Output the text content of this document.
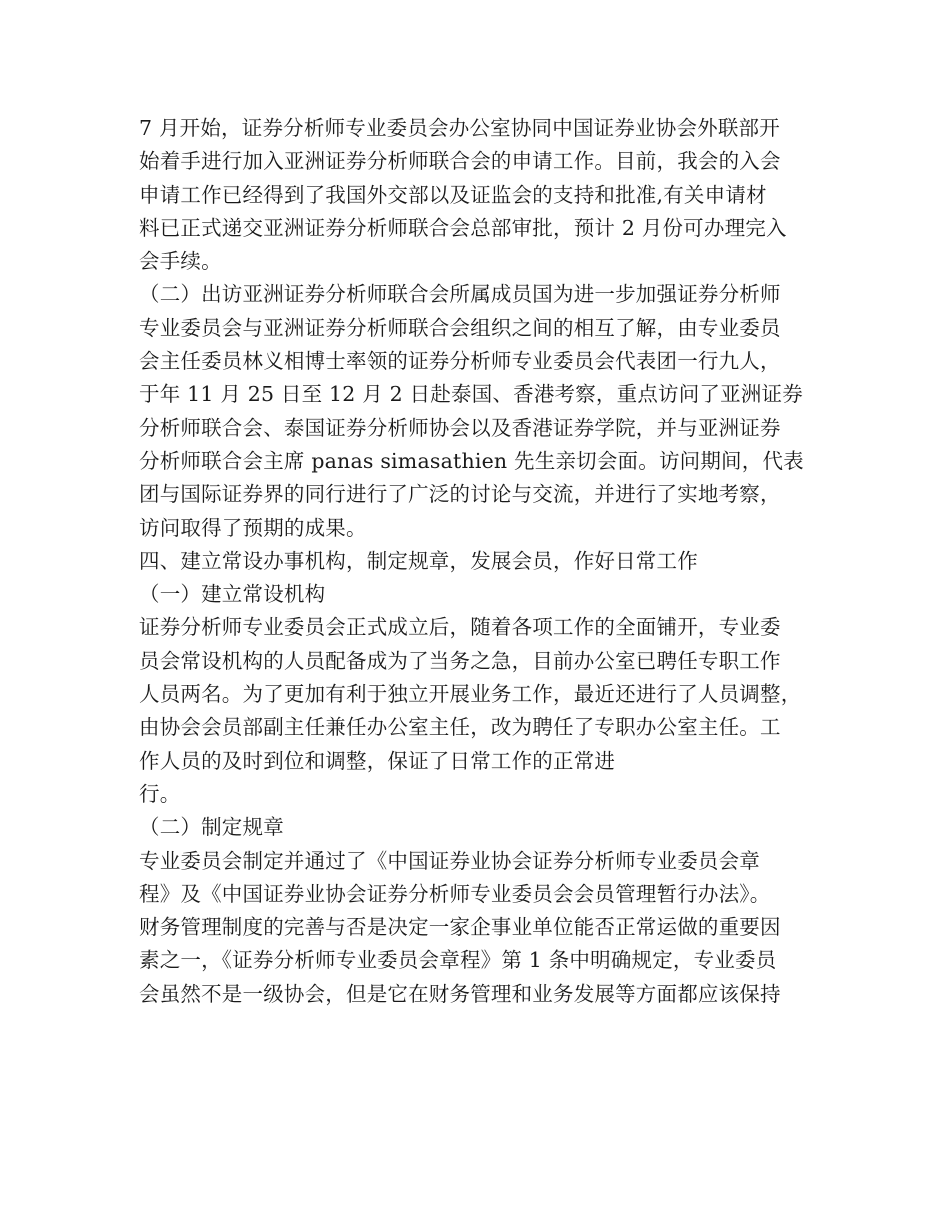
7 月开始，证券分析师专业委员会办公室协同中国证券业协会外联部开
始着手进行加入亚洲证券分析师联合会的申请工作。目前，我会的入会
申请工作已经得到了我国外交部以及证监会的支持和批准,有关申请材
料已正式递交亚洲证券分析师联合会总部审批，预计 2 月份可办理完入
会手续。
（二）出访亚洲证券分析师联合会所属成员国为进一步加强证券分析师
专业委员会与亚洲证券分析师联合会组织之间的相互了解，由专业委员
会主任委员林义相博士率领的证券分析师专业委员会代表团一行九人，
于年 11 月 25 日至 12 月 2 日赴泰国、香港考察，重点访问了亚洲证券
分析师联合会、泰国证券分析师协会以及香港证券学院，并与亚洲证券
分析师联合会主席 panas simasathien 先生亲切会面。访问期间，代表
团与国际证券界的同行进行了广泛的讨论与交流，并进行了实地考察，
访问取得了预期的成果。
四、建立常设办事机构，制定规章，发展会员，作好日常工作
（一）建立常设机构
证券分析师专业委员会正式成立后，随着各项工作的全面铺开，专业委
员会常设机构的人员配备成为了当务之急，目前办公室已聘任专职工作
人员两名。为了更加有利于独立开展业务工作，最近还进行了人员调整，
由协会会员部副主任兼任办公室主任，改为聘任了专职办公室主任。工
作人员的及时到位和调整，保证了日常工作的正常进
行。
（二）制定规章
专业委员会制定并通过了《中国证券业协会证券分析师专业委员会章
程》及《中国证券业协会证券分析师专业委员会会员管理暂行办法》。
财务管理制度的完善与否是决定一家企事业单位能否正常运做的重要因
素之一，《证券分析师专业委员会章程》第 1 条中明确规定，专业委员
会虽然不是一级协会，但是它在财务管理和业务发展等方面都应该保持
